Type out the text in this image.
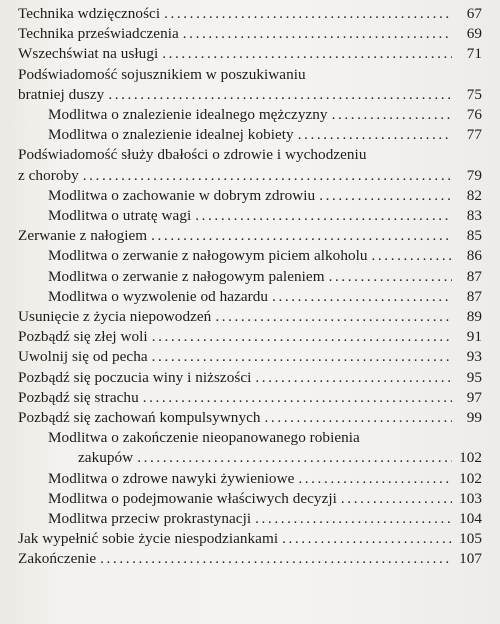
Technika wdzięczności . . .	67
Technika przeświadczenia . . .	69
Wszechświat na usługi . . .	71
Podświadomość sojusznikiem w poszukiwaniu
bratniej duszy . . .	75
Modlitwa o znalezienie idealnego mężczyzny . . .	76
Modlitwa o znalezienie idealnej kobiety . . .	77
Podświadomość służy dbałości o zdrowie i wychodzeniu
z choroby . . .	79
Modlitwa o zachowanie w dobrym zdrowiu . . .	82
Modlitwa o utratę wagi . . .	83
Zerwanie z nałogiem . . .	85
Modlitwa o zerwanie z nałogowym piciem alkoholu . . .	86
Modlitwa o zerwanie z nałogowym paleniem . . .	87
Modlitwa o wyzwolenie od hazardu . . .	87
Usunięcie z życia niepowodzeń . . .	89
Pozbądź się złej woli . . .	91
Uwolnij się od pecha . . .	93
Pozbądź się poczucia winy i niższości . . .	95
Pozbądź się strachu . . .	97
Pozbądź się zachowań kompulsywnych . . .	99
Modlitwa o zakończenie nieopanowanego robienia
zakupów . . .	102
Modlitwa o zdrowe nawyki żywieniowe . . .	102
Modlitwa o podejmowanie właściwych decyzji . . .	103
Modlitwa przeciw prokrastynacji . . .	104
Jak wypełnić sobie życie niespodziankami . . .	105
Zakończenie . . .	107
